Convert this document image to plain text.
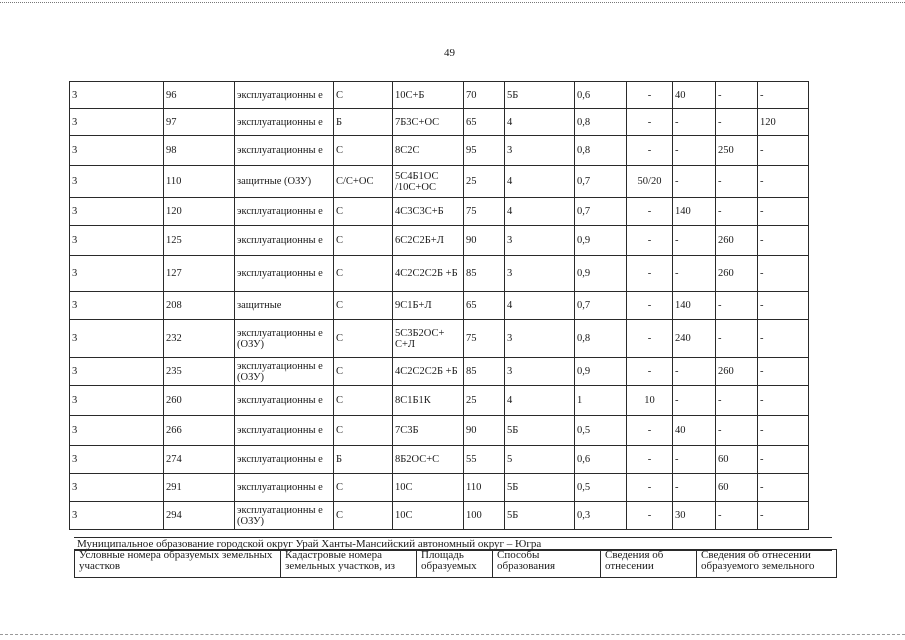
49
3	96	эксплуатационны е	С	10С+Б	70	5Б	0,6	-	40	-	-
3	97	эксплуатационны е	Б	7Б3С+ОС	65	4	0,8	-	-	-	120
3	98	эксплуатационны е	С	8С2С	95	3	0,8	-	-	250	-
3	110	защитные (ОЗУ)	С/С+ОС	5С4Б1ОС /10С+ОС	25	4	0,7	50/20	-	-	-
3	120	эксплуатационны е	С	4С3С3С+Б	75	4	0,7	-	140	-	-
3	125	эксплуатационны е	С	6С2С2Б+Л	90	3	0,9	-	-	260	-
3	127	эксплуатационны е	С	4С2С2С2Б +Б	85	3	0,9	-	-	260	-
3	208	защитные	С	9С1Б+Л	65	4	0,7	-	140	-	-
3	232	эксплуатационны е (ОЗУ)	С	5С3Б2ОС+ С+Л	75	3	0,8	-	240	-	-
3	235	эксплуатационны е (ОЗУ)	С	4С2С2С2Б +Б	85	3	0,9	-	-	260	-
3	260	эксплуатационны е	С	8С1Б1К	25	4	1	10	-	-	-
3	266	эксплуатационны е	С	7С3Б	90	5Б	0,5	-	40	-	-
3	274	эксплуатационны е	Б	8Б2ОС+С	55	5	0,6	-	-	60	-
3	291	эксплуатационны е	С	10С	110	5Б	0,5	-	-	60	-
3	294	эксплуатационны е (ОЗУ)	С	10С	100	5Б	0,3	-	30	-	-
Муниципальное образование городской округ Урай Ханты-Мансийский автономный округ – Югра
Условные номера образуемых земельных участков	Кадастровые номера земельных участков, из	Площадь образуемых	Способы образования	Сведения об отнесении	Сведения об отнесении образуемого земельного
